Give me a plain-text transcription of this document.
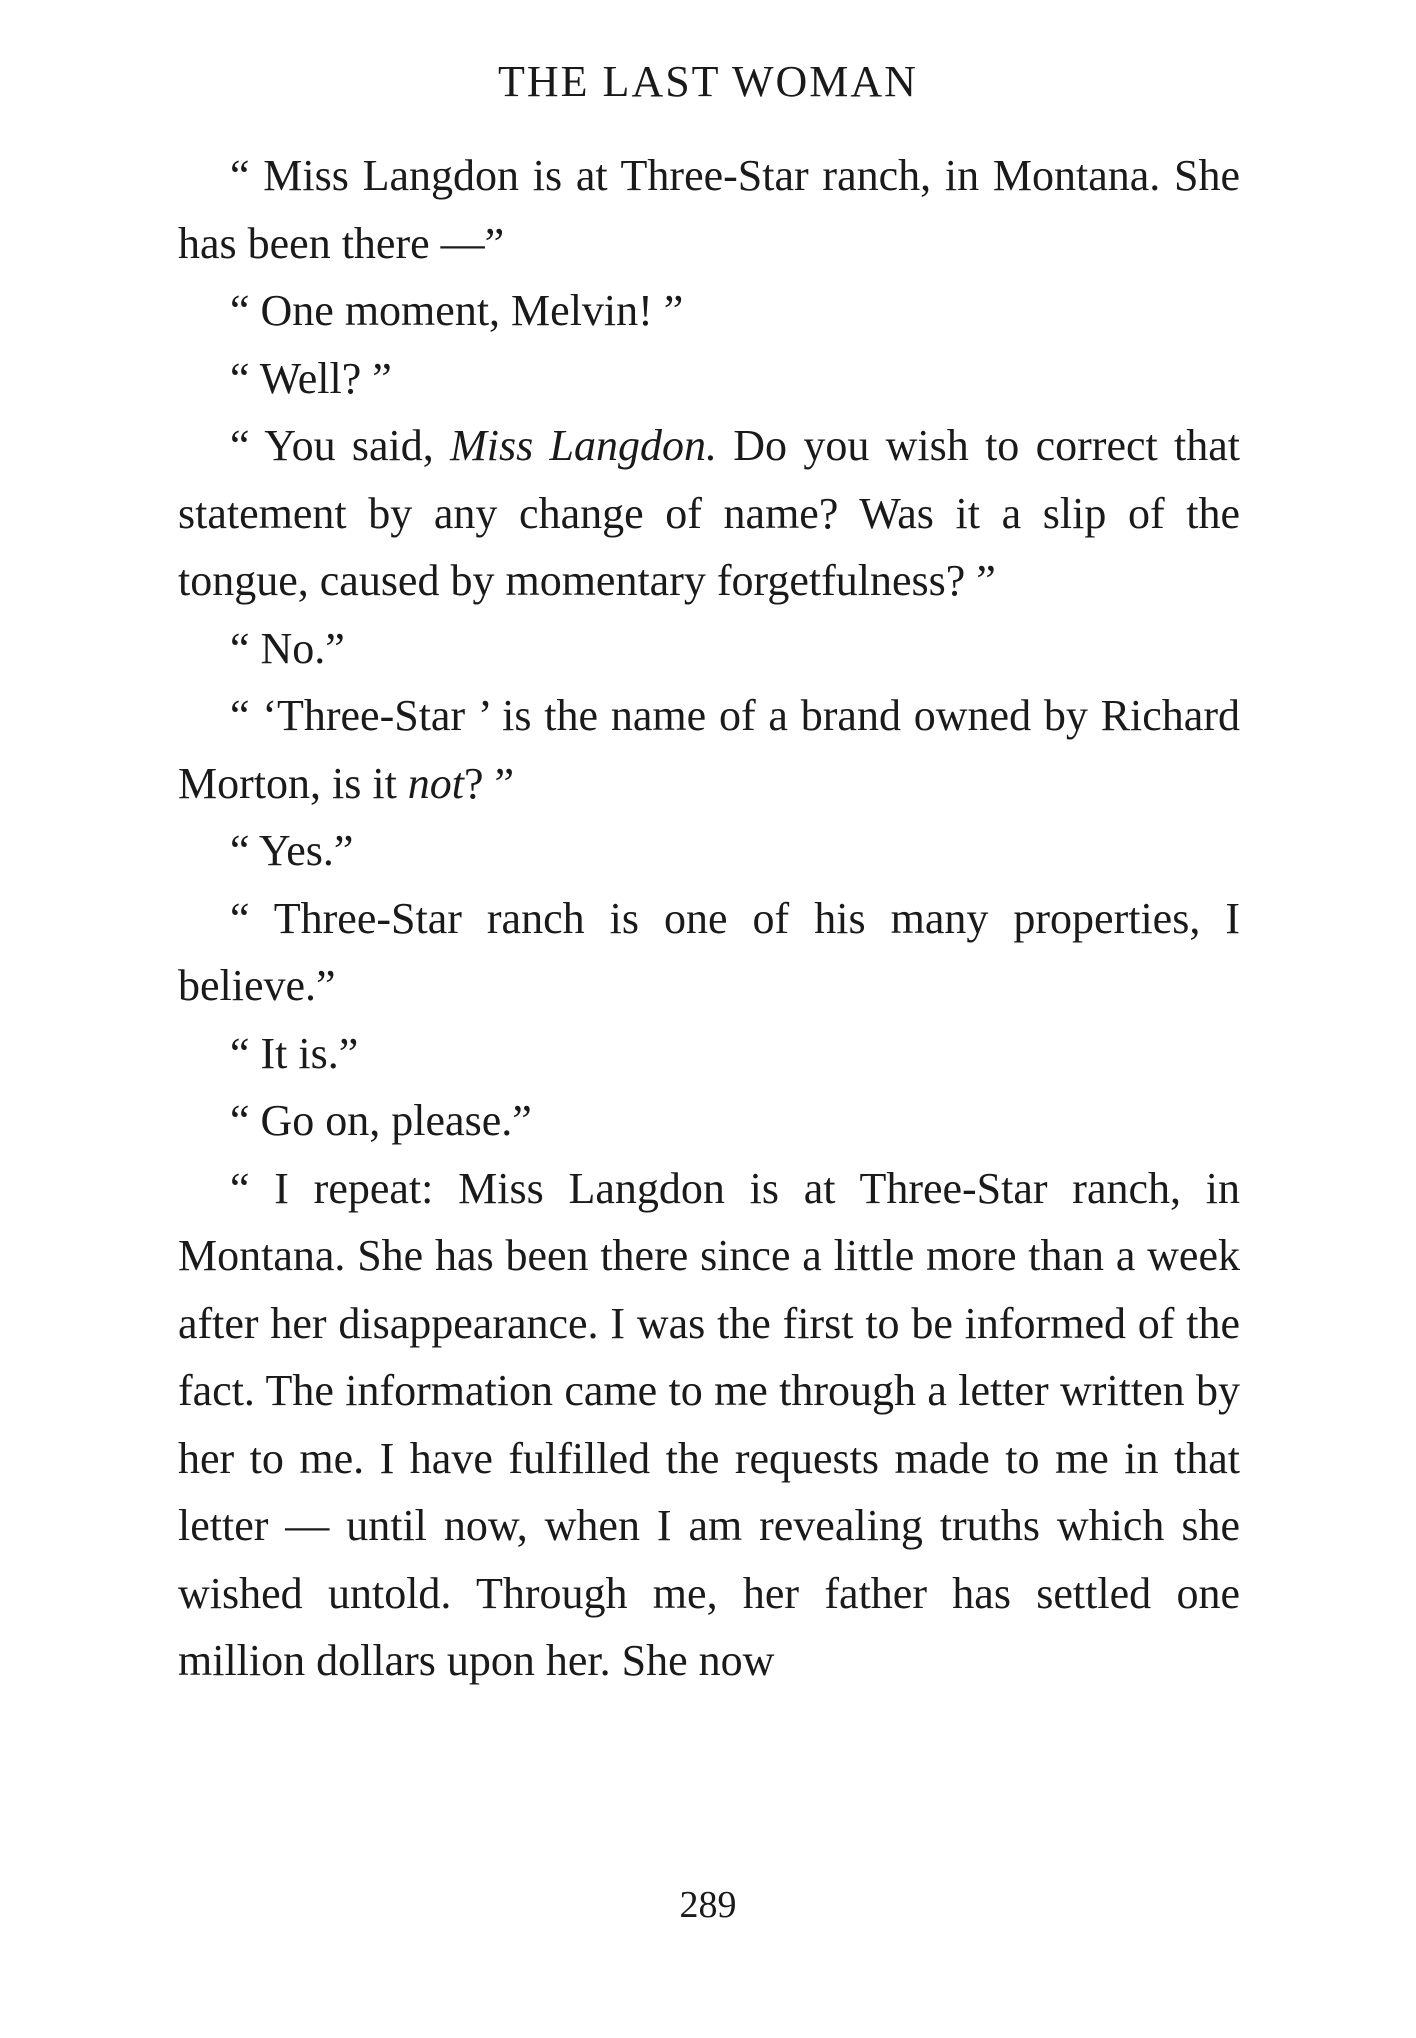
THE LAST WOMAN

“ Miss Langdon is at Three-Star ranch, in Montana. She has been there —”

“ One moment, Melvin! ”

“ Well? ”

“ You said, Miss Langdon. Do you wish to correct that statement by any change of name? Was it a slip of the tongue, caused by momentary forgetfulness? ”

“ No.”

“ ‘Three-Star ’ is the name of a brand owned by Richard Morton, is it not? ”

“ Yes.”

“ Three-Star ranch is one of his many properties, I believe.”

“ It is.”

“ Go on, please.”

“ I repeat: Miss Langdon is at Three-Star ranch, in Montana. She has been there since a little more than a week after her disappearance. I was the first to be informed of the fact. The information came to me through a letter written by her to me. I have fulfilled the requests made to me in that letter — until now, when I am revealing truths which she wished untold. Through me, her father has settled one million dollars upon her. She now

289
